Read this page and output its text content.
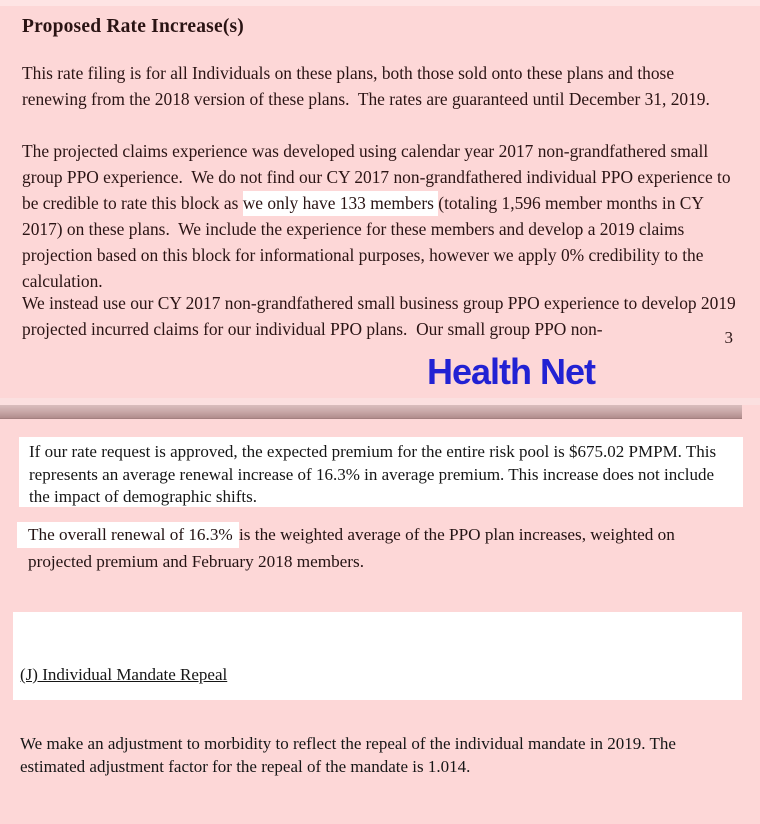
Proposed Rate Increase(s)
This rate filing is for all Individuals on these plans, both those sold onto these plans and those renewing from the 2018 version of these plans.  The rates are guaranteed until December 31, 2019.
The projected claims experience was developed using calendar year 2017 non-grandfathered small group PPO experience.  We do not find our CY 2017 non-grandfathered individual PPO experience to be credible to rate this block as we only have 133 members (totaling 1,596 member months in CY 2017) on these plans.  We include the experience for these members and develop a 2019 claims projection based on this block for informational purposes, however we apply 0% credibility to the calculation.
We instead use our CY 2017 non-grandfathered small business group PPO experience to develop 2019 projected incurred claims for our individual PPO plans.  Our small group PPO non-	3
Health Net
If our rate request is approved, the expected premium for the entire risk pool is $675.02 PMPM. This represents an average renewal increase of 16.3% in average premium. This increase does not include the impact of demographic shifts.
The overall renewal of 16.3% is the weighted average of the PPO plan increases, weighted on projected premium and February 2018 members.

(J) Individual Mandate Repeal

We make an adjustment to morbidity to reflect the repeal of the individual mandate in 2019. The estimated adjustment factor for the repeal of the mandate is 1.014.
